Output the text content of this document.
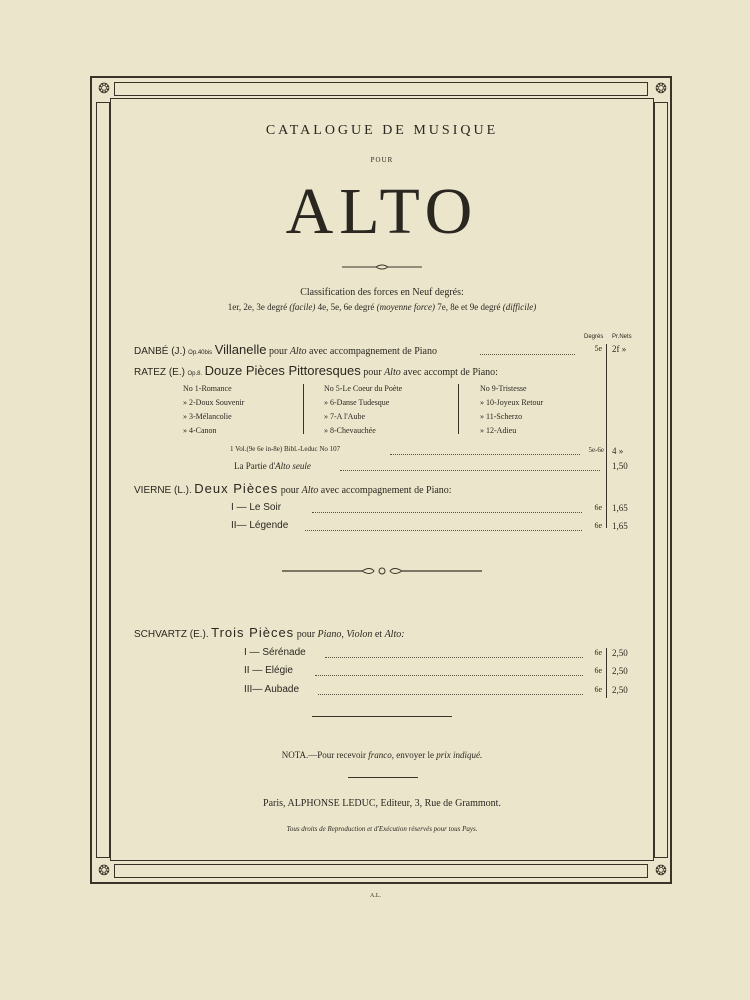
❂	❂
❂	❂
CATALOGUE DE MUSIQUE
POUR
ALTO
Classification des forces en Neuf degrés:
1er, 2e, 3e degré (facile) 4e, 5e, 6e degré (moyenne force) 7e, 8e et 9e degré (difficile)
Degrés Pr.Nets
DANBÉ (J.) Op.40bis Villanelle pour Alto avec accompagnement de Piano	5e 2f »
RATEZ (E.) Op.8. Douze Pièces Pittoresques pour Alto avec accompt de Piano:
No 1-Romance
» 2-Doux Souvenir
» 3-Mélancolie
» 4-Canon
No 5-Le Coeur du Poète
» 6-Danse Tudesque
» 7-A l'Aube
» 8-Chevauchée
No 9-Tristesse
» 10-Joyeux Retour
» 11-Scherzo
» 12-Adieu
1 Vol.(9e 6e in-8e) Bibl.-Leduc No 107	5e-6e 4 »
La Partie d'Alto seule	1,50
VIERNE (L.). Deux Pièces pour Alto avec accompagnement de Piano:
I — Le Soir	6e 1,65
II— Légende	6e 1,65
SCHVARTZ (E.). Trois Pièces pour Piano, Violon et Alto:
I — Sérénade	6e 2,50
II — Elégie	6e 2,50
III— Aubade	6e 2,50
NOTA.—Pour recevoir franco, envoyer le prix indiqué.
Paris, ALPHONSE LEDUC, Editeur, 3, Rue de Grammont.
Tous droits de Reproduction et d'Exécution réservés pour tous Pays.
A.L.
